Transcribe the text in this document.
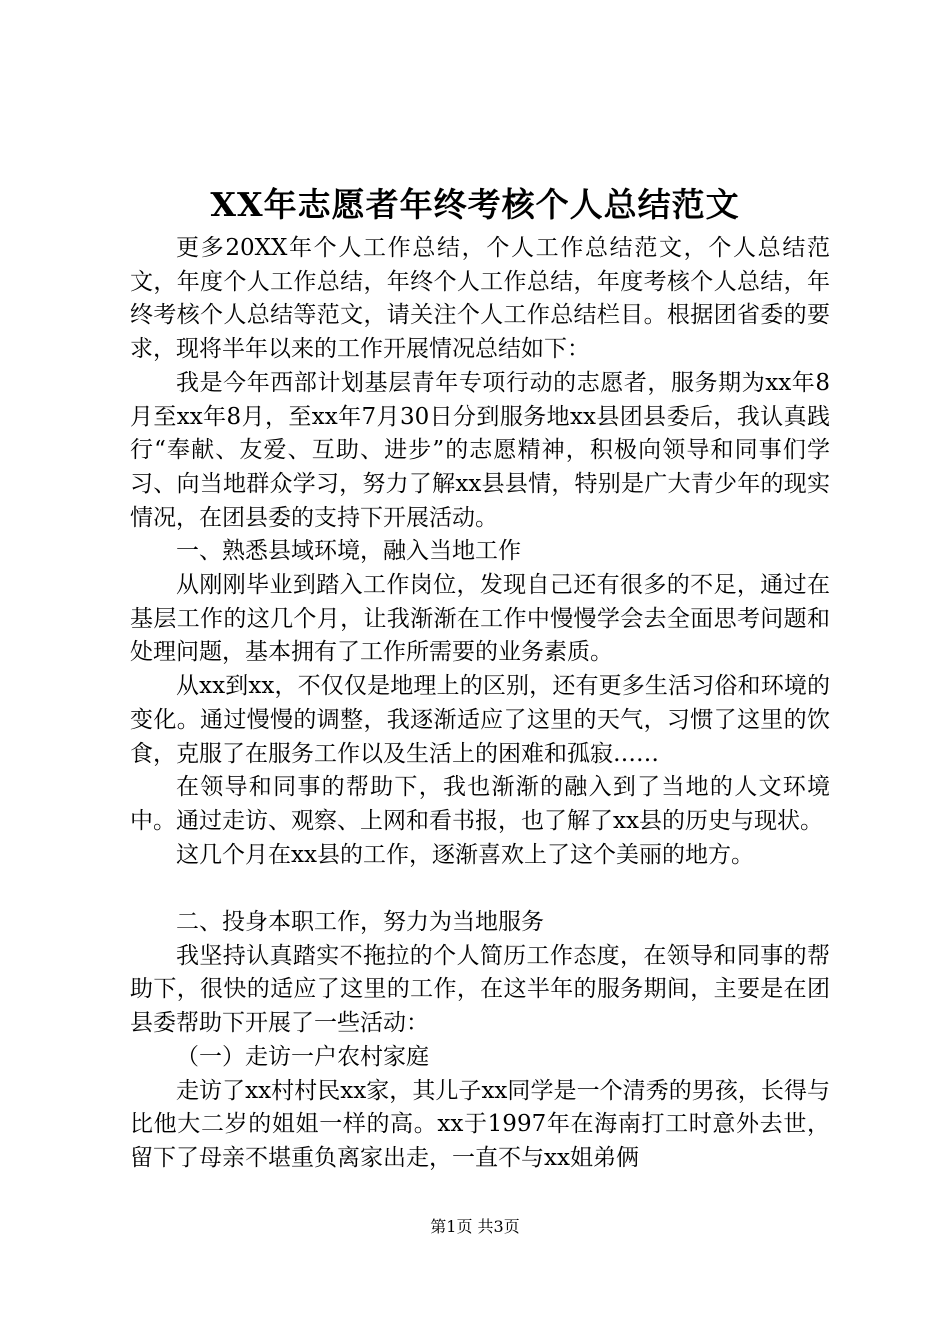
XX年志愿者年终考核个人总结范文

更多20XX年个人工作总结，个人工作总结范文，个人总结范文，年度个人工作总结，年终个人工作总结，年度考核个人总结，年终考核个人总结等范文，请关注个人工作总结栏目。根据团省委的要求，现将半年以来的工作开展情况总结如下：

我是今年西部计划基层青年专项行动的志愿者，服务期为xx年8月至xx年8月，至xx年7月30日分到服务地xx县团县委后，我认真践行“奉献、友爱、互助、进步”的志愿精神，积极向领导和同事们学习、向当地群众学习，努力了解xx县县情，特别是广大青少年的现实情况，在团县委的支持下开展活动。

一、熟悉县域环境，融入当地工作

从刚刚毕业到踏入工作岗位，发现自己还有很多的不足，通过在基层工作的这几个月，让我渐渐在工作中慢慢学会去全面思考问题和处理问题，基本拥有了工作所需要的业务素质。

从xx到xx，不仅仅是地理上的区别，还有更多生活习俗和环境的变化。通过慢慢的调整，我逐渐适应了这里的天气，习惯了这里的饮食，克服了在服务工作以及生活上的困难和孤寂……

在领导和同事的帮助下，我也渐渐的融入到了当地的人文环境中。通过走访、观察、上网和看书报，也了解了xx县的历史与现状。

这几个月在xx县的工作，逐渐喜欢上了这个美丽的地方。

二、投身本职工作，努力为当地服务

我坚持认真踏实不拖拉的个人简历工作态度，在领导和同事的帮助下，很快的适应了这里的工作，在这半年的服务期间，主要是在团县委帮助下开展了一些活动：

（一）走访一户农村家庭

走访了xx村村民xx家，其儿子xx同学是一个清秀的男孩，长得与比他大二岁的姐姐一样的高。xx于1997年在海南打工时意外去世，留下了母亲不堪重负离家出走，一直不与xx姐弟俩

第1页 共3页
